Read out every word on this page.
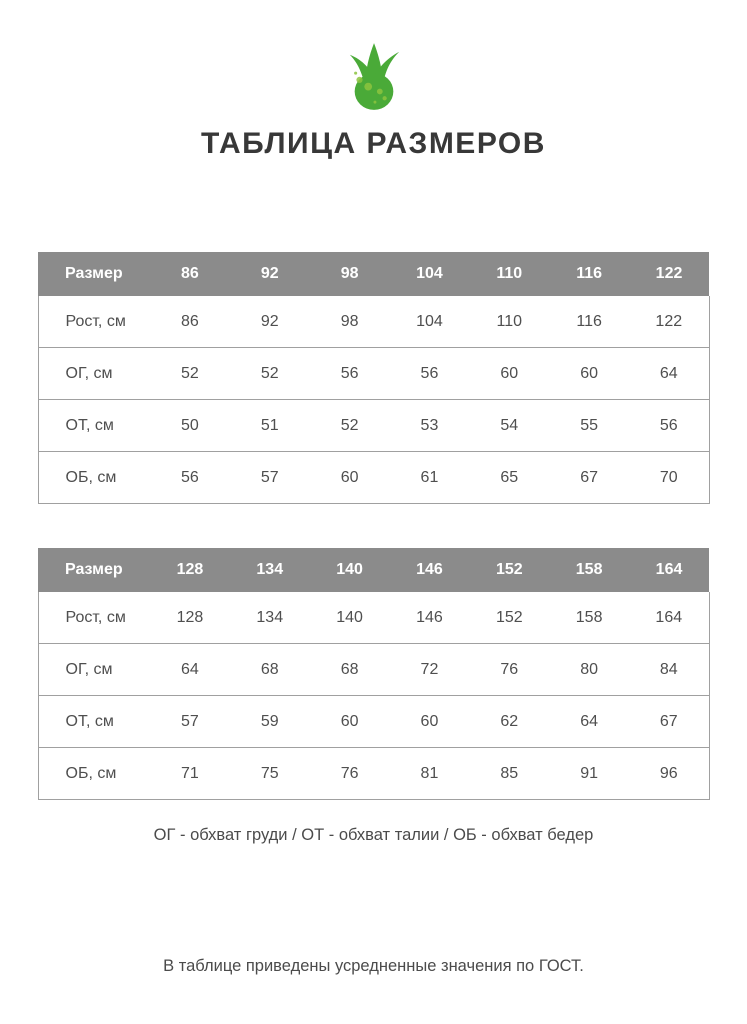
ТАБЛИЦА РАЗМЕРОВ
Размер	86	92	98	104	110	116	122
Рост, см	86	92	98	104	110	116	122
ОГ, см	52	52	56	56	60	60	64
ОТ, см	50	51	52	53	54	55	56
ОБ, см	56	57	60	61	65	67	70
Размер	128	134	140	146	152	158	164
Рост, см	128	134	140	146	152	158	164
ОГ, см	64	68	68	72	76	80	84
ОТ, см	57	59	60	60	62	64	67
ОБ, см	71	75	76	81	85	91	96

ОГ - обхват груди / ОТ - обхват талии / ОБ - обхват бедер

В таблице приведены усредненные значения по ГОСТ.
